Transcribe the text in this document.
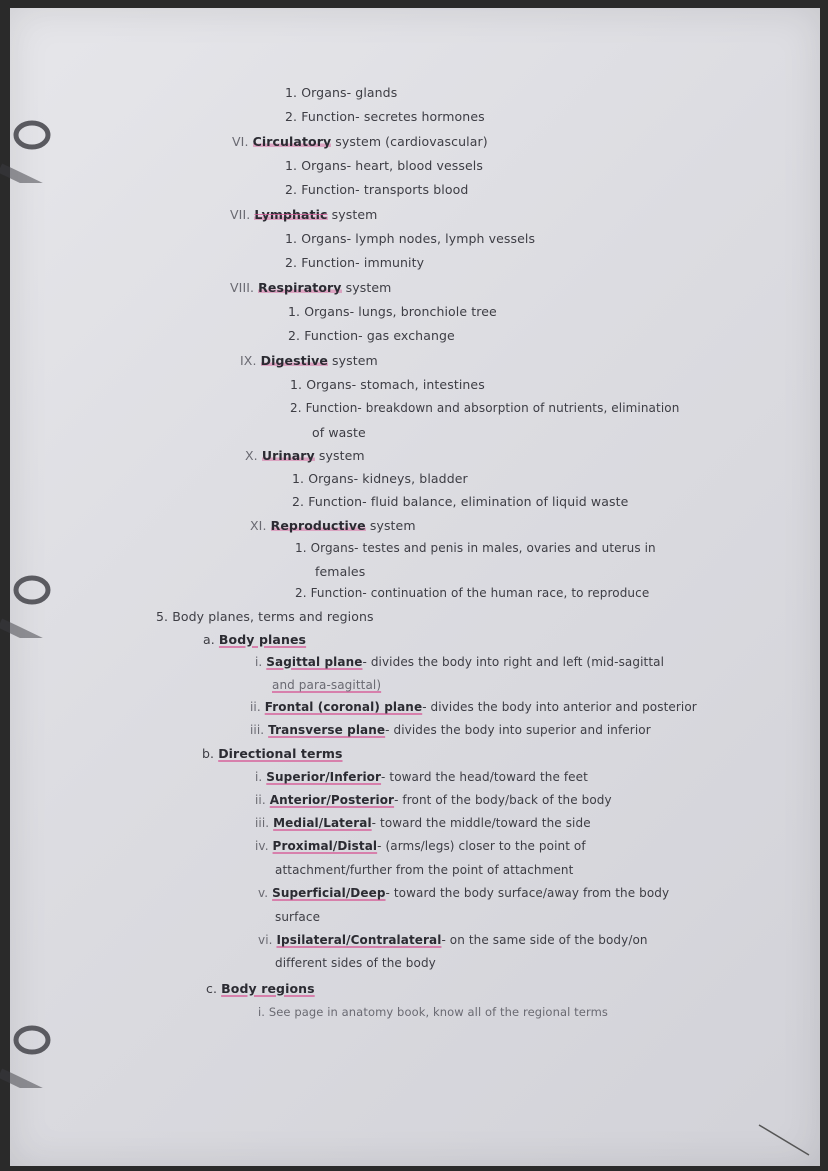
1. Organs- glands
2. Function- secretes hormones
VI. Circulatory system (cardiovascular)
1. Organs- heart, blood vessels
2. Function- transports blood
VII. Lymphatic system
1. Organs- lymph nodes, lymph vessels
2. Function- immunity
VIII. Respiratory system
1. Organs- lungs, bronchiole tree
2. Function- gas exchange
IX. Digestive system
1. Organs- stomach, intestines
2. Function- breakdown and absorption of nutrients, elimination
of waste
X. Urinary system
1. Organs- kidneys, bladder
2. Function- fluid balance, elimination of liquid waste
XI. Reproductive system
1. Organs- testes and penis in males, ovaries and uterus in
females
2. Function- continuation of the human race, to reproduce
5. Body planes, terms and regions
a. Body planes
i. Sagittal plane- divides the body into right and left (mid-sagittal
and para-sagittal)
ii. Frontal (coronal) plane- divides the body into anterior and posterior
iii. Transverse plane- divides the body into superior and inferior
b. Directional terms
i. Superior/Inferior- toward the head/toward the feet
ii. Anterior/Posterior- front of the body/back of the body
iii. Medial/Lateral- toward the middle/toward the side
iv. Proximal/Distal- (arms/legs) closer to the point of
attachment/further from the point of attachment
v. Superficial/Deep- toward the body surface/away from the body
surface
vi. Ipsilateral/Contralateral- on the same side of the body/on
different sides of the body
c. Body regions
i. See page in anatomy book, know all of the regional terms
